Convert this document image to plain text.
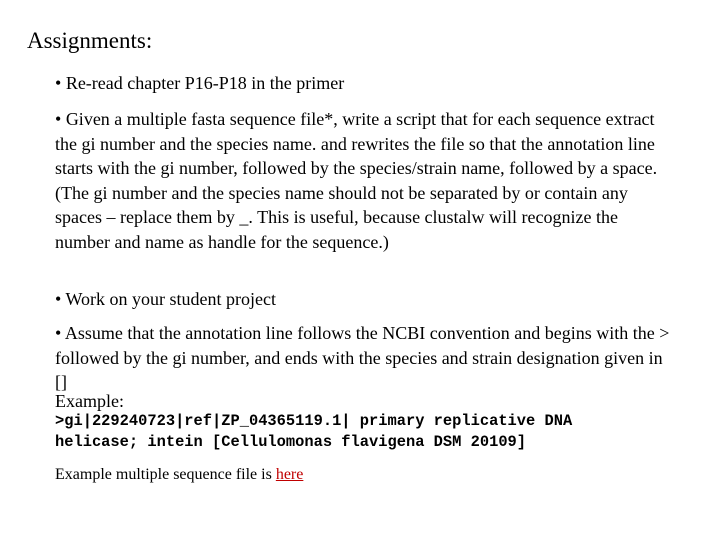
Assignments:
• Re-read chapter P16-P18 in the primer
• Given a multiple fasta sequence file*, write a script that for each sequence extract the gi number and the species name. and rewrites the file so that the annotation line starts with the gi number, followed by the species/strain name, followed by a space. (The gi number and the species name should not be separated by or contain any spaces – replace them by _. This is useful, because clustalw will recognize the number and name as handle for the sequence.)
• Work on your student project
• Assume that the annotation line follows the NCBI convention and begins with the > followed by the gi number, and ends with the species and strain designation given in []
Example:
>gi|229240723|ref|ZP_04365119.1| primary replicative DNA
helicase; intein [Cellulomonas flavigena DSM 20109]
Example multiple sequence file is here
